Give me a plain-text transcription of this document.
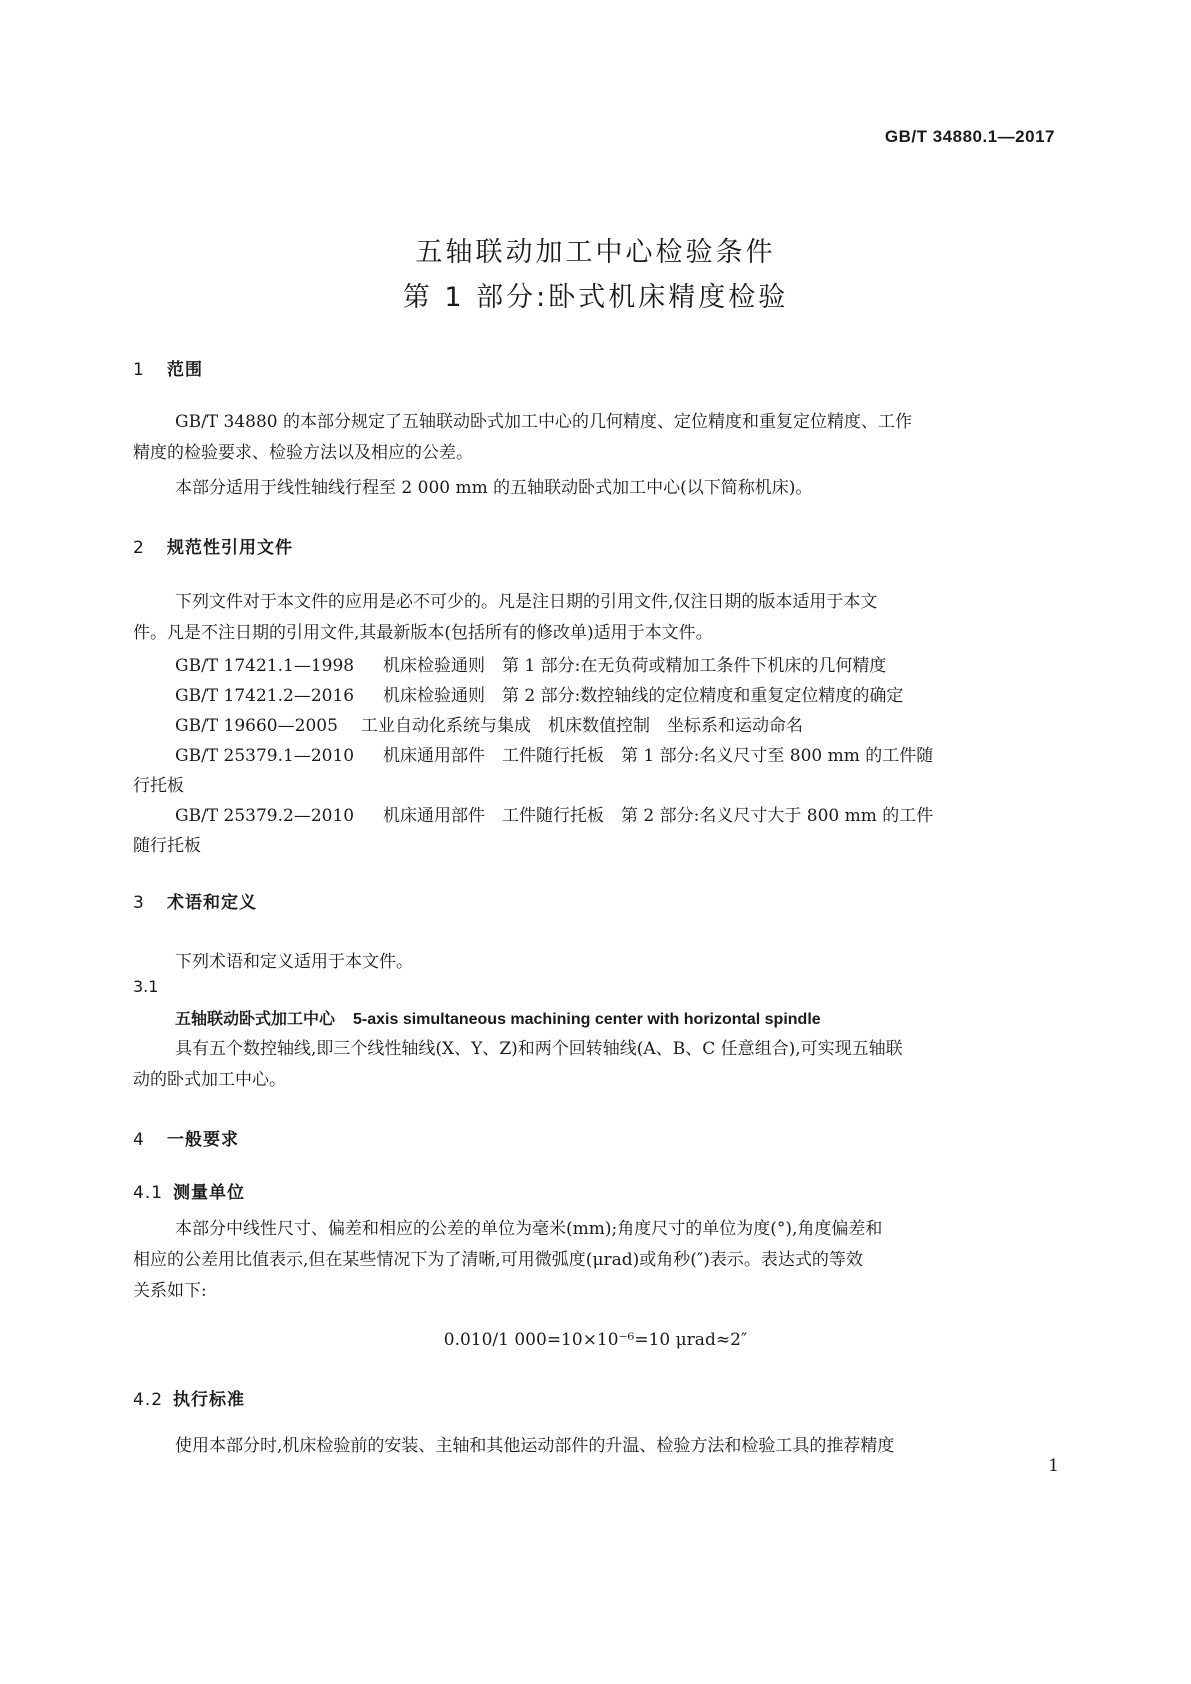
GB/T 34880.1—2017
五轴联动加工中心检验条件
第 1 部分:卧式机床精度检验
1 范围
GB/T 34880 的本部分规定了五轴联动卧式加工中心的几何精度、定位精度和重复定位精度、工作
精度的检验要求、检验方法以及相应的公差。
本部分适用于线性轴线行程至 2 000 mm 的五轴联动卧式加工中心(以下简称机床)。
2 规范性引用文件
下列文件对于本文件的应用是必不可少的。凡是注日期的引用文件,仅注日期的版本适用于本文
件。凡是不注日期的引用文件,其最新版本(包括所有的修改单)适用于本文件。
GB/T 17421.1—1998 机床检验通则　第 1 部分:在无负荷或精加工条件下机床的几何精度
GB/T 17421.2—2016 机床检验通则　第 2 部分:数控轴线的定位精度和重复定位精度的确定
GB/T 19660—2005 工业自动化系统与集成　机床数值控制　坐标系和运动命名
GB/T 25379.1—2010 机床通用部件　工件随行托板　第 1 部分:名义尺寸至 800 mm 的工件随
行托板
GB/T 25379.2—2010 机床通用部件　工件随行托板　第 2 部分:名义尺寸大于 800 mm 的工件
随行托板
3 术语和定义
下列术语和定义适用于本文件。
3.1
五轴联动卧式加工中心 5-axis simultaneous machining center with horizontal spindle
具有五个数控轴线,即三个线性轴线(X、Y、Z)和两个回转轴线(A、B、C 任意组合),可实现五轴联
动的卧式加工中心。
4 一般要求
4.1 测量单位
本部分中线性尺寸、偏差和相应的公差的单位为毫米(mm);角度尺寸的单位为度(°),角度偏差和
相应的公差用比值表示,但在某些情况下为了清晰,可用微弧度(μrad)或角秒(″)表示。表达式的等效
关系如下:
0.010/1 000=10×10⁻⁶=10 μrad≈2″
4.2 执行标准
使用本部分时,机床检验前的安装、主轴和其他运动部件的升温、检验方法和检验工具的推荐精度
1
